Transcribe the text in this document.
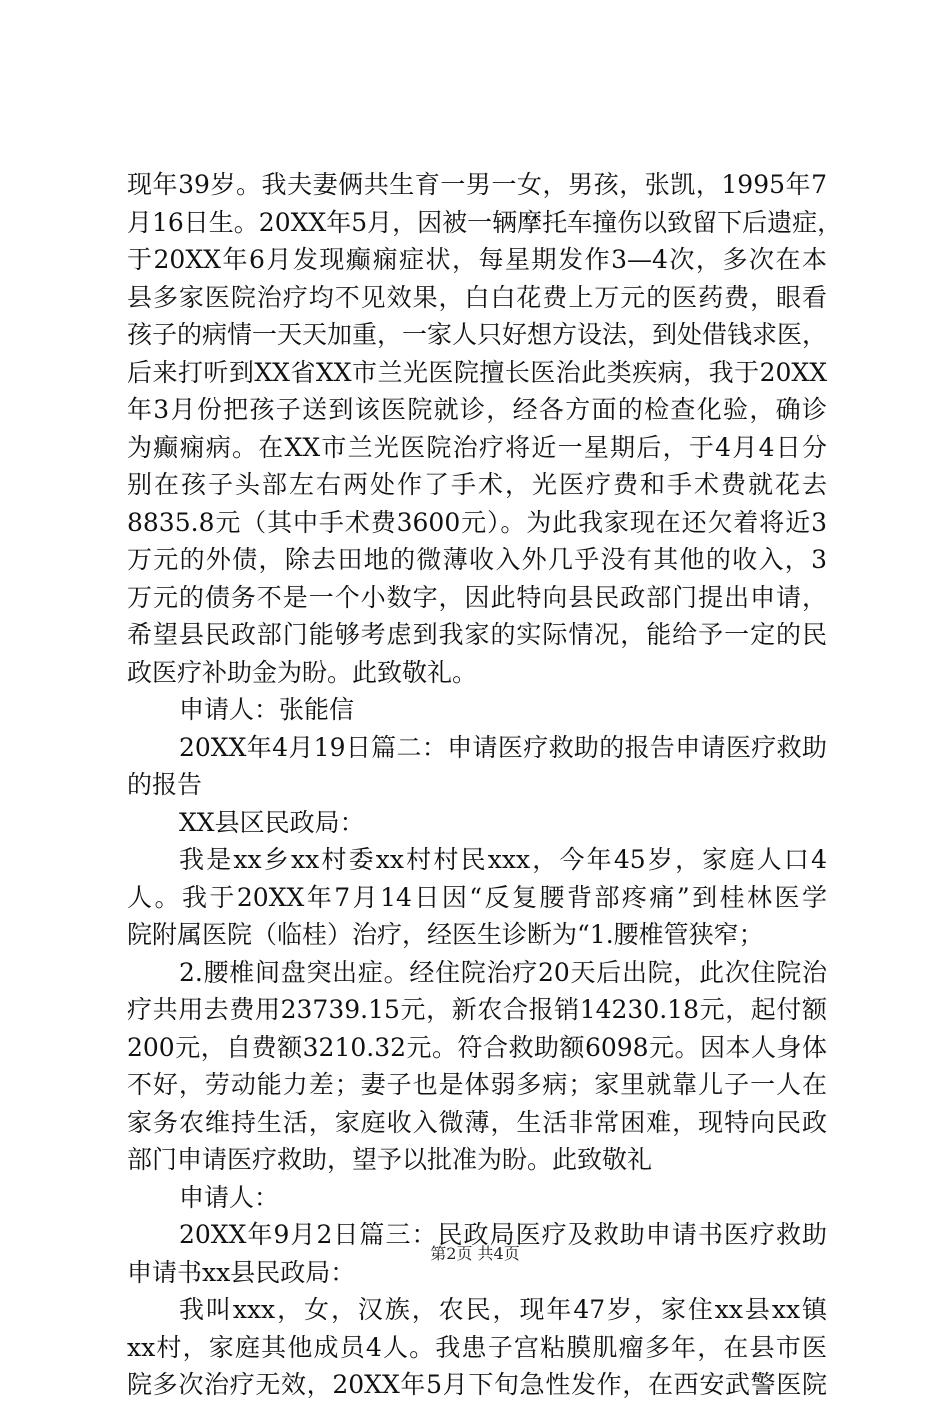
现年39岁。我夫妻俩共生育一男一女，男孩，张凯，1995年7
月16日生。20XX年5月，因被一辆摩托车撞伤以致留下后遗症，
于20XX年6月发现癫痫症状，每星期发作3—4次，多次在本
县多家医院治疗均不见效果，白白花费上万元的医药费，眼看
孩子的病情一天天加重，一家人只好想方设法，到处借钱求医，
后来打听到XX省XX市兰光医院擅长医治此类疾病，我于20XX
年3月份把孩子送到该医院就诊，经各方面的检查化验，确诊
为癫痫病。在XX市兰光医院治疗将近一星期后，于4月4日分
别在孩子头部左右两处作了手术，光医疗费和手术费就花去
8835.8元（其中手术费3600元）。为此我家现在还欠着将近3
万元的外债，除去田地的微薄收入外几乎没有其他的收入，3
万元的债务不是一个小数字，因此特向县民政部门提出申请，
希望县民政部门能够考虑到我家的实际情况，能给予一定的民
政医疗补助金为盼。此致敬礼。
申请人：张能信
20XX年4月19日篇二：申请医疗救助的报告申请医疗救助
的报告
XX县区民政局：
我是xx乡xx村委xx村村民xxx，今年45岁，家庭人口4
人。我于20XX年7月14日因“反复腰背部疼痛”到桂林医学
院附属医院（临桂）治疗，经医生诊断为“1.腰椎管狭窄；
2.腰椎间盘突出症。经住院治疗20天后出院，此次住院治
疗共用去费用23739.15元，新农合报销14230.18元，起付额
200元，自费额3210.32元。符合救助额6098元。因本人身体
不好，劳动能力差；妻子也是体弱多病；家里就靠儿子一人在
家务农维持生活，家庭收入微薄，生活非常困难，现特向民政
部门申请医疗救助，望予以批准为盼。此致敬礼
申请人：
20XX年9月2日篇三：民政局医疗及救助申请书医疗救助
申请书xx县民政局：
我叫xxx，女，汉族，农民，现年47岁，家住xx县xx镇
xx村，家庭其他成员4人。我患子宫粘膜肌瘤多年，在县市医
院多次治疗无效，20XX年5月下旬急性发作，在西安武警医院
第2页 共4页
